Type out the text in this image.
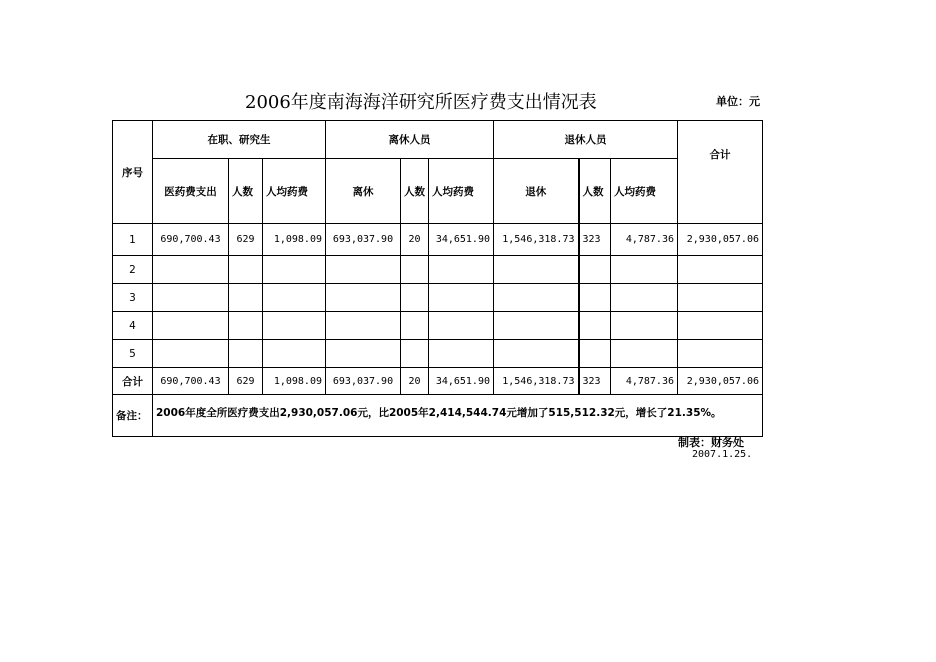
2006年度南海海洋研究所医疗费支出情况表	单位：元
序号	在职、研究生			离休人员			退休人员			合计
	医药费支出	人数	人均药费	离休	人数	人均药费	退休	人数	人均药费	
1	690,700.43	629	1,098.09	693,037.90	20	34,651.90	1,546,318.73	323	4,787.36	2,930,057.06
2										
3										
4										
5										
合计	690,700.43	629	1,098.09	693,037.90	20	34,651.90	1,546,318.73	323	4,787.36	2,930,057.06
备注：	2006年度全所医疗费支出2,930,057.06元，比2005年2,414,544.74元增加了515,512.32元，增长了21.35%。									
制表：财务处
2007.1.25.
